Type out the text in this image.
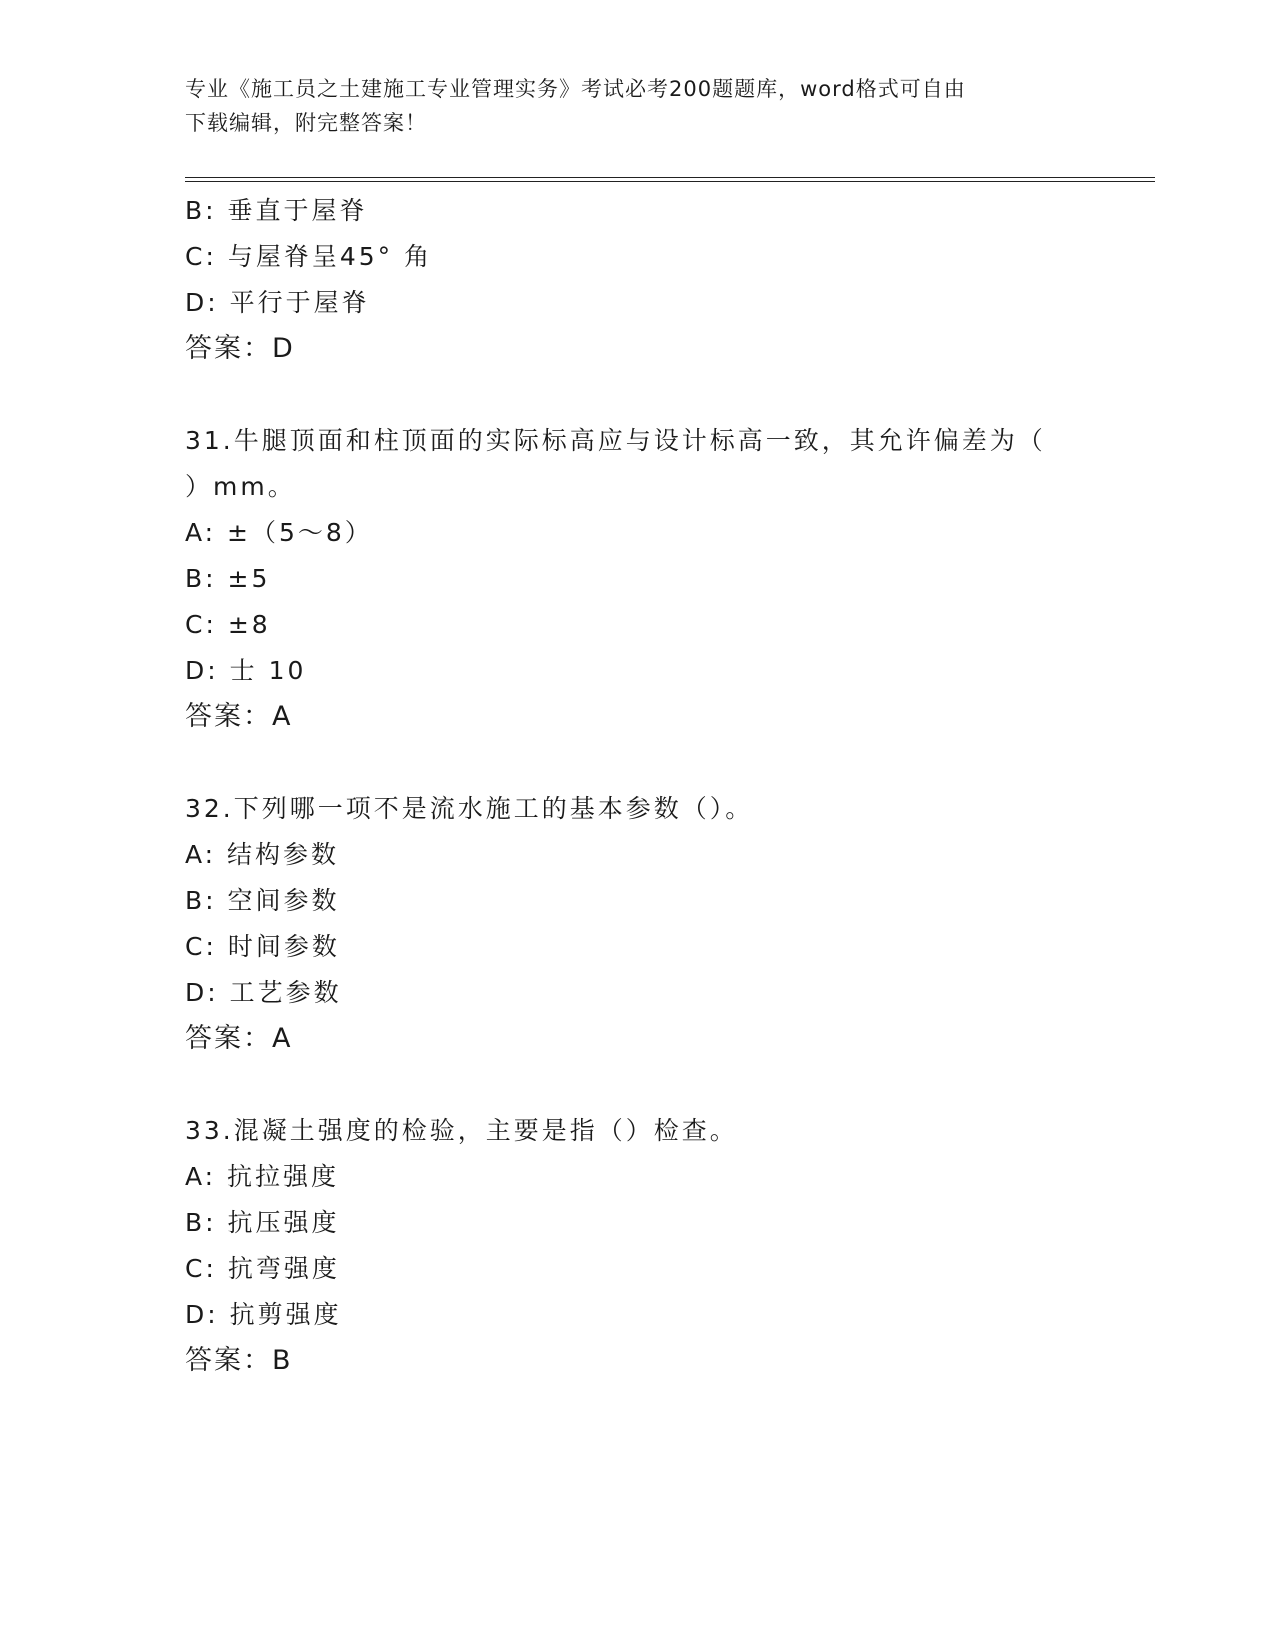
专业《施工员之土建施工专业管理实务》考试必考200题题库，word格式可自由
下载编辑，附完整答案！
B: 垂直于屋脊
C: 与屋脊呈45° 角
D: 平行于屋脊
答案：D
31.牛腿顶面和柱顶面的实际标高应与设计标高一致，其允许偏差为（
）mm。
A: ±（5～8）
B: ±5
C: ±8
D: 士 10
答案：A
32.下列哪一项不是流水施工的基本参数（）。
A: 结构参数
B: 空间参数
C: 时间参数
D: 工艺参数
答案：A
33.混凝土强度的检验，主要是指（）检查。
A: 抗拉强度
B: 抗压强度
C: 抗弯强度
D: 抗剪强度
答案：B
